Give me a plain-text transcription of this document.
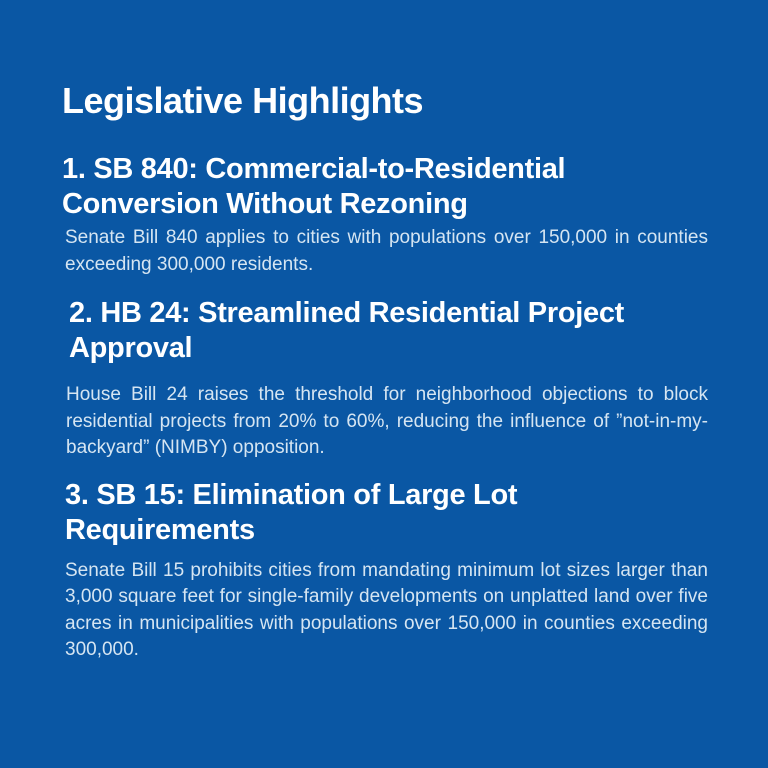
Legislative Highlights
1. SB 840: Commercial-to-Residential
Conversion Without Rezoning

Senate Bill 840 applies to cities with populations over 150,000 in counties exceeding 300,000 residents.

2. HB 24: Streamlined Residential Project
Approval

House Bill 24 raises the threshold for neighborhood objections to block residential projects from 20% to 60%, reducing the influence of ”not-in-my-backyard” (NIMBY) opposition.

3. SB 15: Elimination of Large Lot
Requirements

Senate Bill 15 prohibits cities from mandating minimum lot sizes larger than 3,000 square feet for single-family developments on unplatted land over five acres in municipalities with populations over 150,000 in counties exceeding 300,000.
